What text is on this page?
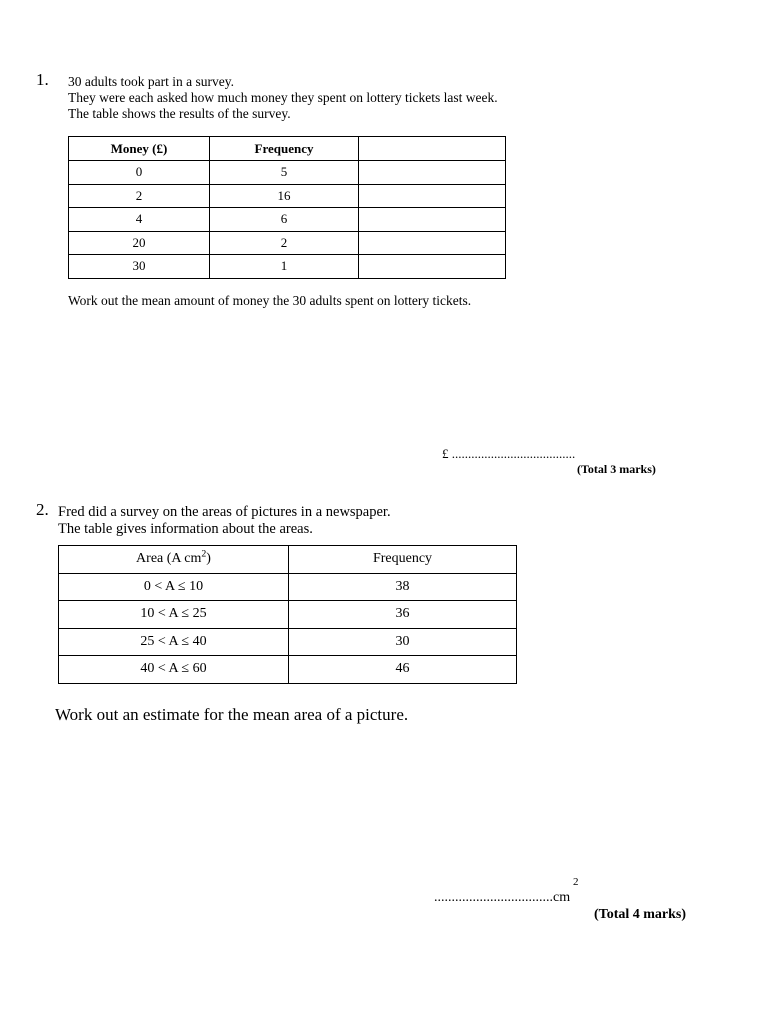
1. 30 adults took part in a survey.
They were each asked how much money they spent on lottery tickets last week.
The table shows the results of the survey.
Money (£)	Frequency	
0	5	
2	16	
4	6	
20	2	
30	1	

Work out the mean amount of money the 30 adults spent on lottery tickets.

£ ......................................
(Total 3 marks)
2. Fred did a survey on the areas of pictures in a newspaper.
The table gives information about the areas.
Area (A $cm^2$)	Frequency
0 < A ≤ 10	38
10 < A ≤ 25	36
25 < A ≤ 40	30
40 < A ≤ 60	46

Work out an estimate for the mean area of a picture.

..................................cm
2
(Total 4 marks)
